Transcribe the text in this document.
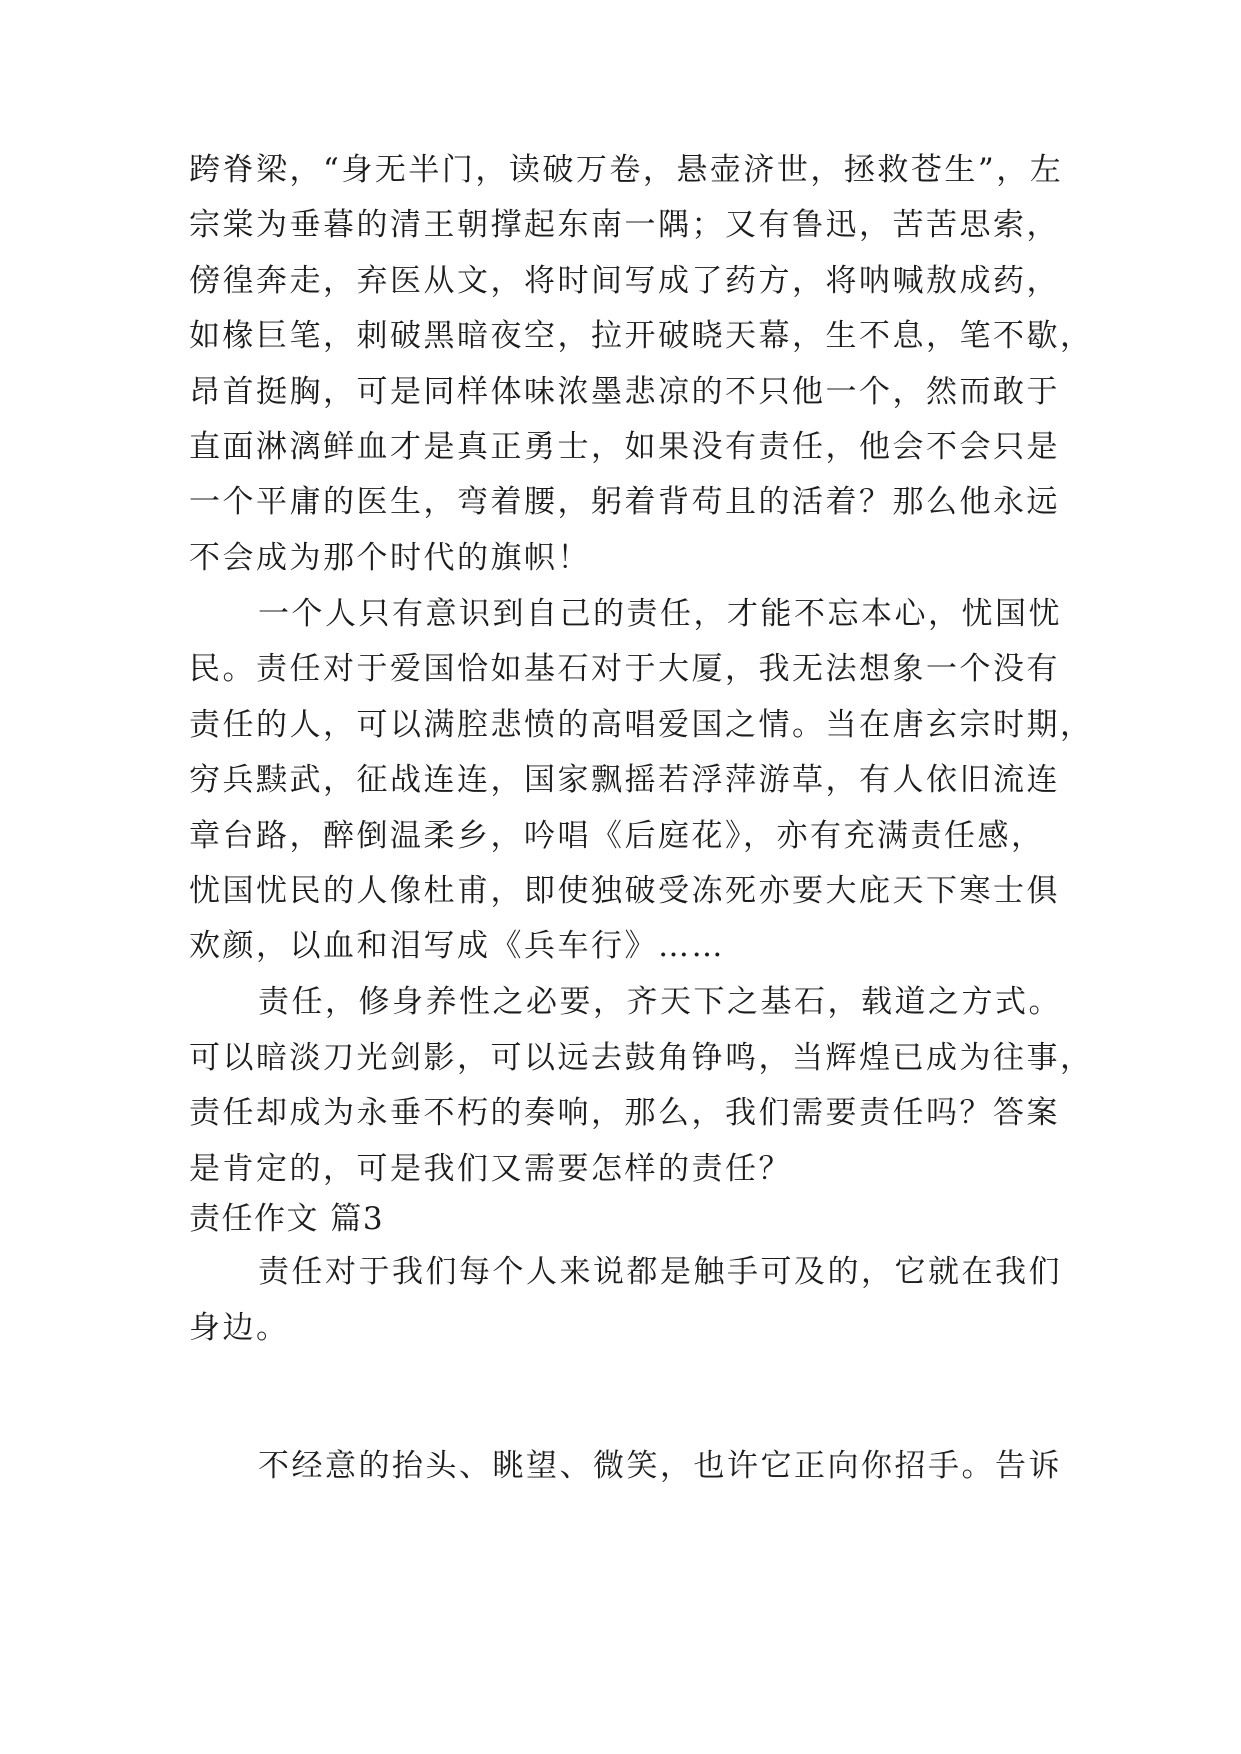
跨脊梁，“身无半门，读破万卷，悬壶济世，拯救苍生”，左
宗棠为垂暮的清王朝撑起东南一隅；又有鲁迅，苦苦思索，
傍徨奔走，弃医从文，将时间写成了药方，将呐喊敖成药，
如椽巨笔，刺破黑暗夜空，拉开破晓天幕，生不息，笔不歇，
昂首挺胸，可是同样体味浓墨悲凉的不只他一个，然而敢于
直面淋漓鲜血才是真正勇士，如果没有责任，他会不会只是
一个平庸的医生，弯着腰，躬着背苟且的活着？那么他永远
不会成为那个时代的旗帜！
一个人只有意识到自己的责任，才能不忘本心，忧国忧
民。责任对于爱国恰如基石对于大厦，我无法想象一个没有
责任的人，可以满腔悲愤的高唱爱国之情。当在唐玄宗时期，
穷兵黩武，征战连连，国家飘摇若浮萍游草，有人依旧流连
章台路，醉倒温柔乡，吟唱《后庭花》，亦有充满责任感，
忧国忧民的人像杜甫，即使独破受冻死亦要大庇天下寒士俱
欢颜，以血和泪写成《兵车行》……
责任，修身养性之必要，齐天下之基石，载道之方式。
可以暗淡刀光剑影，可以远去鼓角铮鸣，当辉煌已成为往事，
责任却成为永垂不朽的奏响，那么，我们需要责任吗？答案
是肯定的，可是我们又需要怎样的责任？
责任作文 篇3
责任对于我们每个人来说都是触手可及的，它就在我们
身边。
不经意的抬头、眺望、微笑，也许它正向你招手。告诉
